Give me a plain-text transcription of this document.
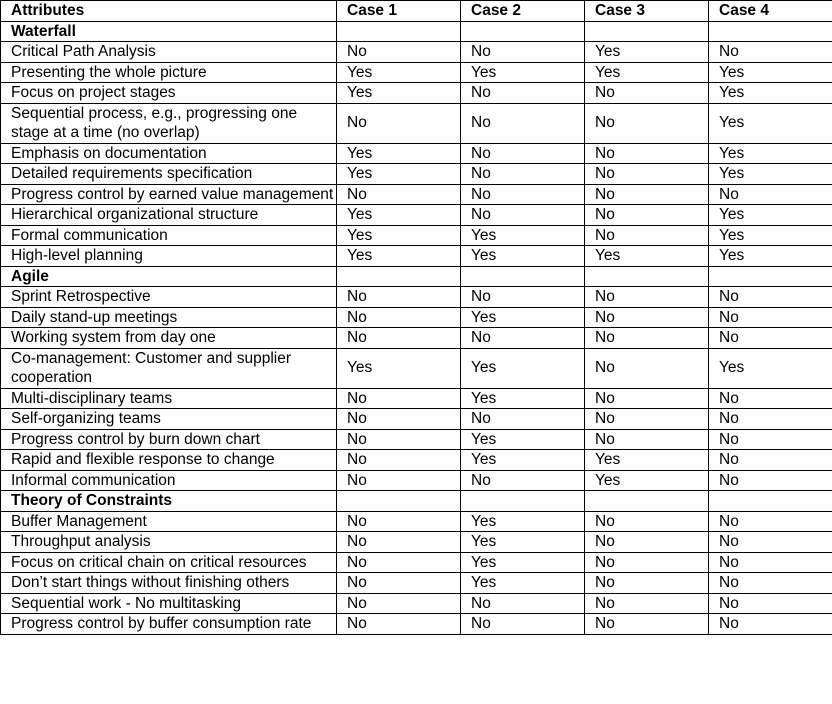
Attributes	Case 1	Case 2	Case 3	Case 4
Waterfall				
Critical Path Analysis	No	No	Yes	No
Presenting the whole picture	Yes	Yes	Yes	Yes
Focus on project stages	Yes	No	No	Yes
Sequential process, e.g., progressing one stage at a time (no overlap)	No	No	No	Yes
Emphasis on documentation	Yes	No	No	Yes
Detailed requirements specification	Yes	No	No	Yes
Progress control by earned value management	No	No	No	No
Hierarchical organizational structure	Yes	No	No	Yes
Formal communication	Yes	Yes	No	Yes
High-level planning	Yes	Yes	Yes	Yes
Agile				
Sprint Retrospective	No	No	No	No
Daily stand-up meetings	No	Yes	No	No
Working system from day one	No	No	No	No
Co-management: Customer and supplier cooperation	Yes	Yes	No	Yes
Multi-disciplinary teams	No	Yes	No	No
Self-organizing teams	No	No	No	No
Progress control by burn down chart	No	Yes	No	No
Rapid and flexible response to change	No	Yes	Yes	No
Informal communication	No	No	Yes	No
Theory of Constraints				
Buffer Management	No	Yes	No	No
Throughput analysis	No	Yes	No	No
Focus on critical chain on critical resources	No	Yes	No	No
Don’t start things without finishing others	No	Yes	No	No
Sequential work - No multitasking	No	No	No	No
Progress control by buffer consumption rate	No	No	No	No
